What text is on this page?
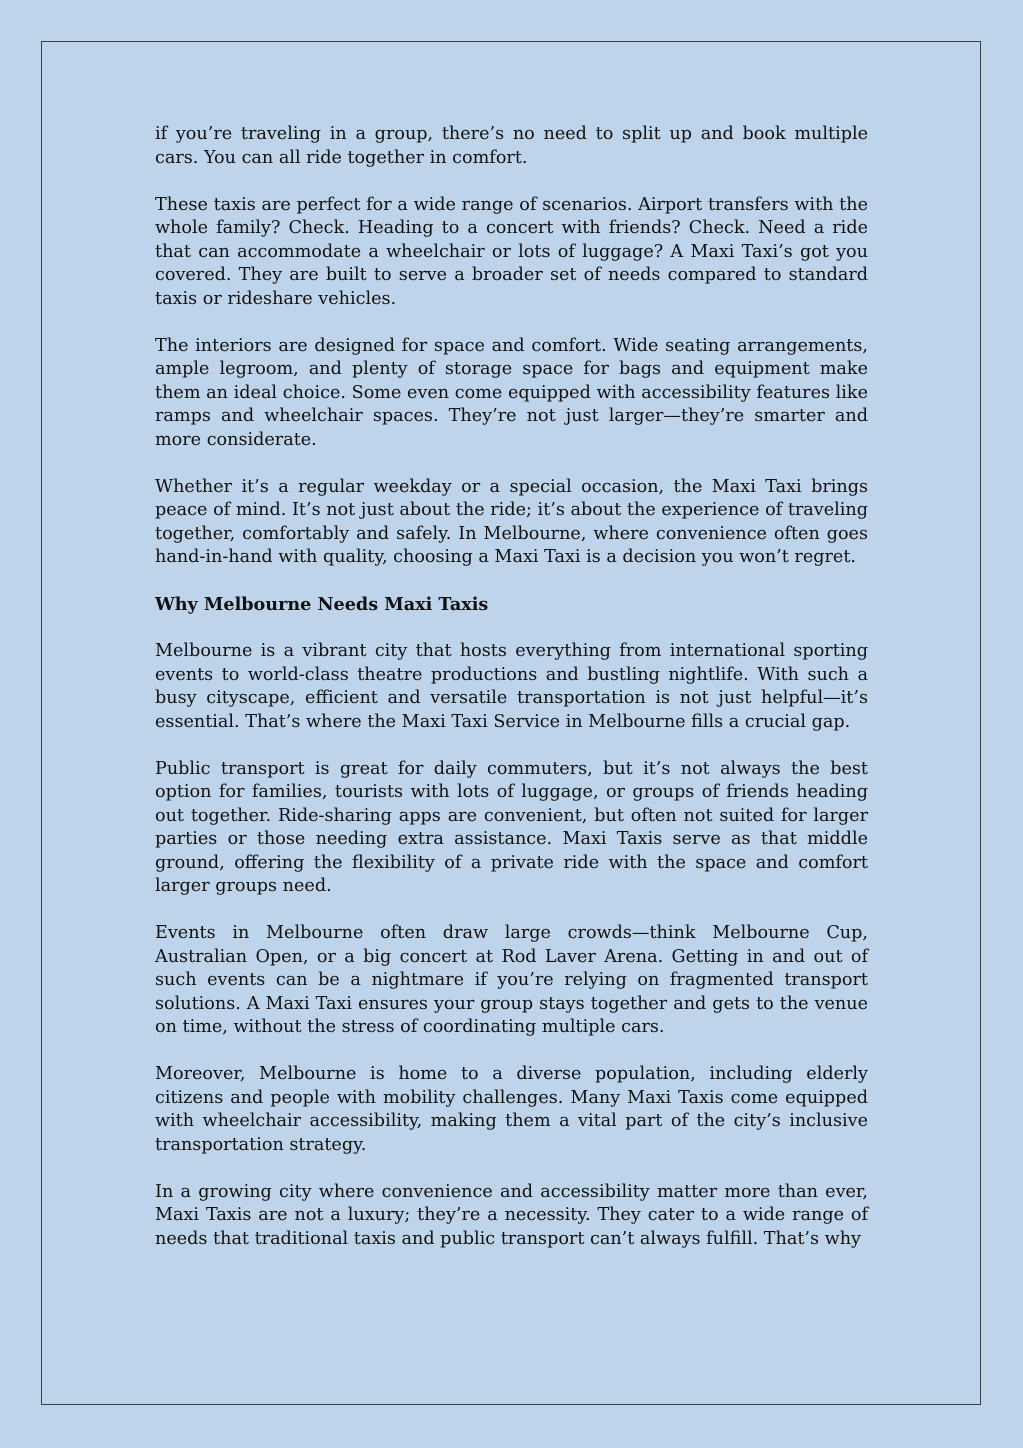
if you’re traveling in a group, there’s no need to split up and book multiple cars. You can all ride together in comfort.

These taxis are perfect for a wide range of scenarios. Airport transfers with the whole family? Check. Heading to a concert with friends? Check. Need a ride that can accommodate a wheelchair or lots of luggage? A Maxi Taxi’s got you covered. They are built to serve a broader set of needs compared to standard taxis or rideshare vehicles.

The interiors are designed for space and comfort. Wide seating arrangements, ample legroom, and plenty of storage space for bags and equipment make them an ideal choice. Some even come equipped with accessibility features like ramps and wheelchair spaces. They’re not just larger—they’re smarter and more considerate.

Whether it’s a regular weekday or a special occasion, the Maxi Taxi brings peace of mind. It’s not just about the ride; it’s about the experience of traveling together, comfortably and safely. In Melbourne, where convenience often goes hand-in-hand with quality, choosing a Maxi Taxi is a decision you won’t regret.

Why Melbourne Needs Maxi Taxis

Melbourne is a vibrant city that hosts everything from international sporting events to world-class theatre productions and bustling nightlife. With such a busy cityscape, efficient and versatile transportation is not just helpful—it’s essential. That’s where the Maxi Taxi Service in Melbourne fills a crucial gap.

Public transport is great for daily commuters, but it’s not always the best option for families, tourists with lots of luggage, or groups of friends heading out together. Ride-sharing apps are convenient, but often not suited for larger parties or those needing extra assistance. Maxi Taxis serve as that middle ground, offering the flexibility of a private ride with the space and comfort larger groups need.

Events in Melbourne often draw large crowds—think Melbourne Cup, Australian Open, or a big concert at Rod Laver Arena. Getting in and out of such events can be a nightmare if you’re relying on fragmented transport solutions. A Maxi Taxi ensures your group stays together and gets to the venue on time, without the stress of coordinating multiple cars.

Moreover, Melbourne is home to a diverse population, including elderly citizens and people with mobility challenges. Many Maxi Taxis come equipped with wheelchair accessibility, making them a vital part of the city’s inclusive transportation strategy.

In a growing city where convenience and accessibility matter more than ever, Maxi Taxis are not a luxury; they’re a necessity. They cater to a wide range of needs that traditional taxis and public transport can’t always fulfill. That’s why
